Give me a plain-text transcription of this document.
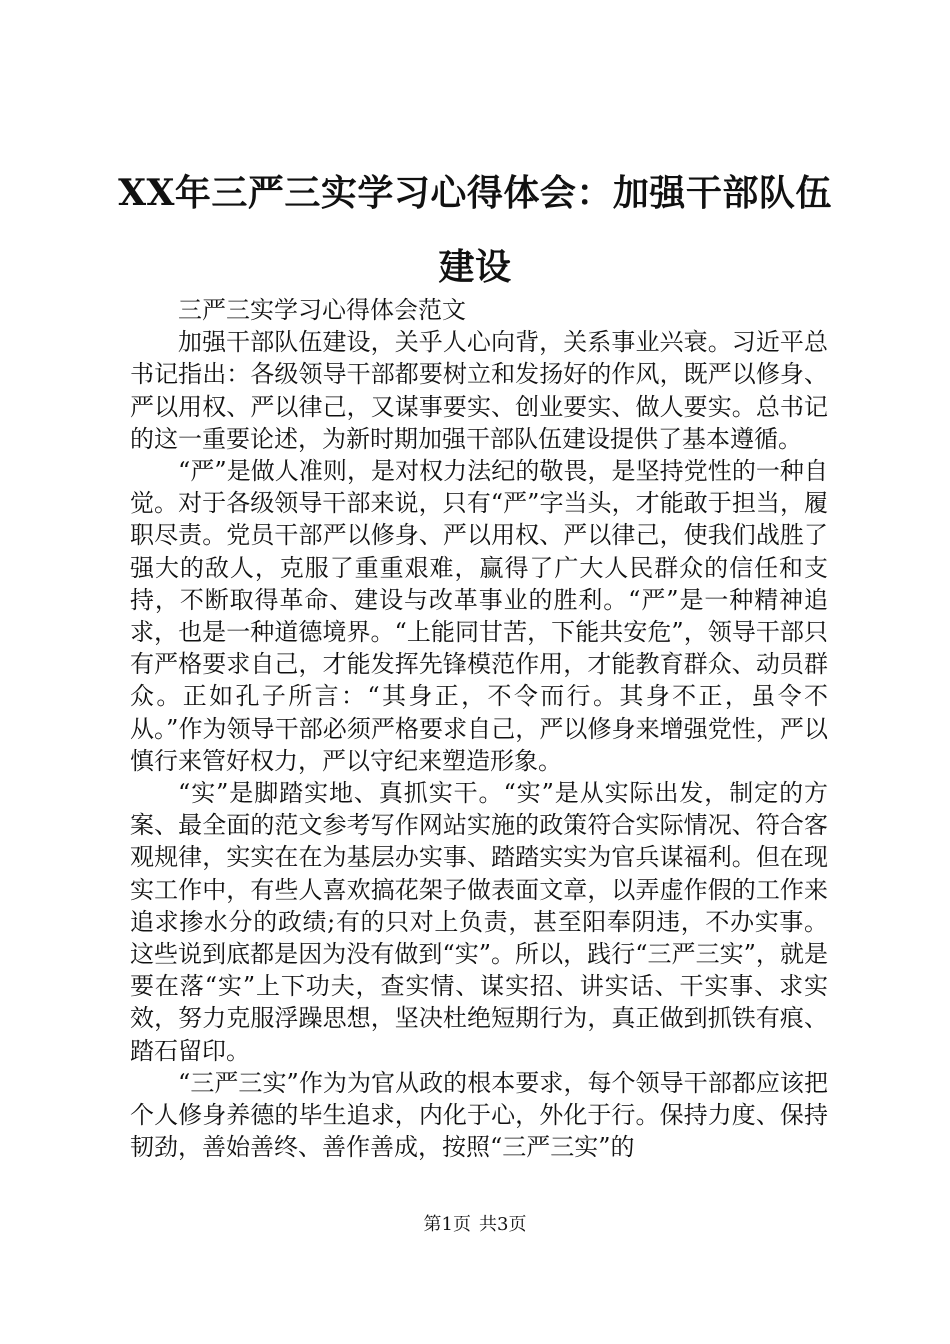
XX年三严三实学习心得体会：加强干部队伍建设

三严三实学习心得体会范文

加强干部队伍建设，关乎人心向背，关系事业兴衰。习近平总书记指出：各级领导干部都要树立和发扬好的作风，既严以修身、严以用权、严以律己，又谋事要实、创业要实、做人要实。总书记的这一重要论述，为新时期加强干部队伍建设提供了基本遵循。

“严”是做人准则，是对权力法纪的敬畏，是坚持党性的一种自觉。对于各级领导干部来说，只有“严”字当头，才能敢于担当，履职尽责。党员干部严以修身、严以用权、严以律己，使我们战胜了强大的敌人，克服了重重艰难，赢得了广大人民群众的信任和支持，不断取得革命、建设与改革事业的胜利。“严”是一种精神追求，也是一种道德境界。“上能同甘苦，下能共安危”，领导干部只有严格要求自己，才能发挥先锋模范作用，才能教育群众、动员群众。正如孔子所言：“其身正，不令而行。其身不正，虽令不从。”作为领导干部必须严格要求自己，严以修身来增强党性，严以慎行来管好权力，严以守纪来塑造形象。

“实”是脚踏实地、真抓实干。“实”是从实际出发，制定的方案、最全面的范文参考写作网站实施的政策符合实际情况、符合客观规律，实实在在为基层办实事、踏踏实实为官兵谋福利。但在现实工作中，有些人喜欢搞花架子做表面文章，以弄虚作假的工作来追求掺水分的政绩;有的只对上负责，甚至阳奉阴违，不办实事。这些说到底都是因为没有做到“实”。所以，践行“三严三实”，就是要在落“实”上下功夫，查实情、谋实招、讲实话、干实事、求实效，努力克服浮躁思想，坚决杜绝短期行为，真正做到抓铁有痕、踏石留印。

“三严三实”作为为官从政的根本要求，每个领导干部都应该把个人修身养德的毕生追求，内化于心，外化于行。保持力度、保持韧劲，善始善终、善作善成，按照“三严三实”的

第1页 共3页
